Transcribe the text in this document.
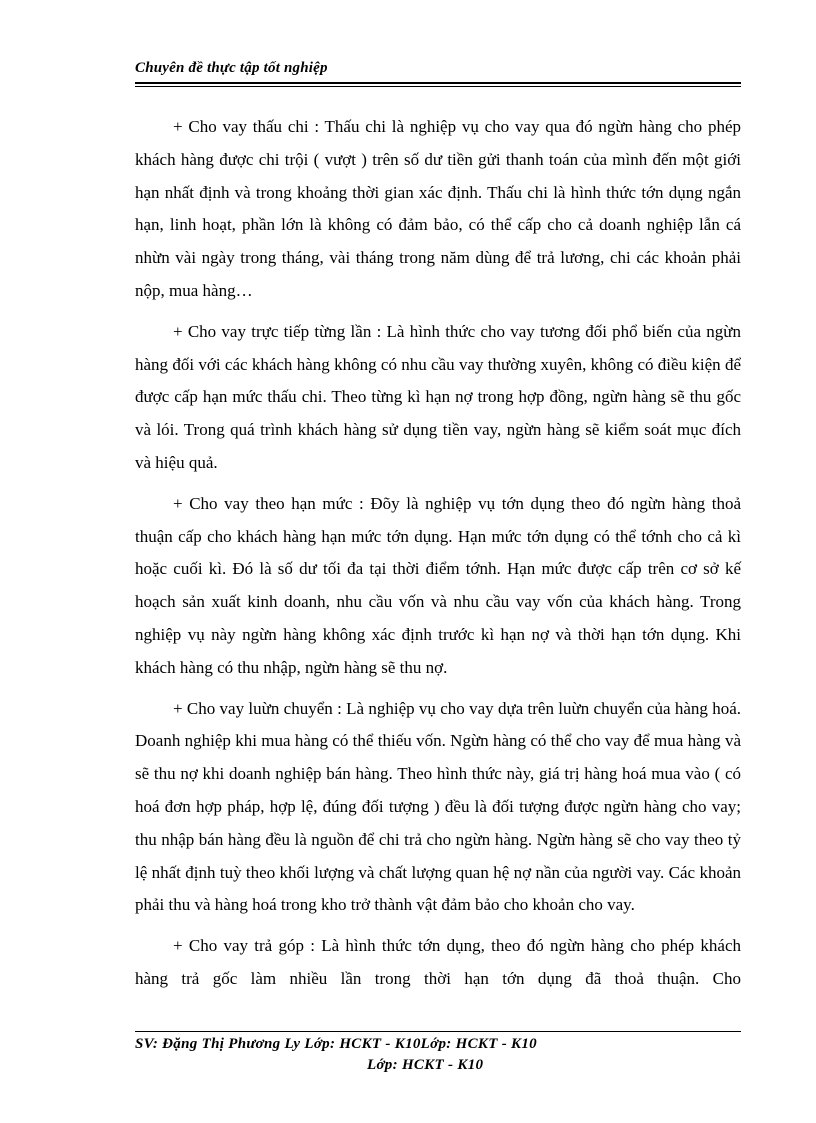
Chuyên đề thực tập tốt nghiệp

+ Cho vay thấu chi : Thấu chi là nghiệp vụ cho vay qua đó ngừn hàng cho phép khách hàng được chi trội ( vượt ) trên số dư tiền gửi thanh toán của mình đến một giới hạn nhất định và trong khoảng thời gian xác định. Thấu chi là hình thức tớn dụng ngắn hạn, linh hoạt, phần lớn là không có đảm bảo, có thể cấp cho cả doanh nghiệp lẫn cá nhừn vài ngày trong tháng, vài tháng trong năm dùng để trả lương, chi các khoản phải nộp, mua hàng…

+ Cho vay trực tiếp từng lần : Là hình thức cho vay tương đối phổ biến của ngừn hàng đối với các khách hàng không có nhu cầu vay thường xuyên, không có điều kiện để được cấp hạn mức thấu chi. Theo từng kì hạn nợ trong hợp đồng, ngừn hàng sẽ thu gốc và lói. Trong quá trình khách hàng sử dụng tiền vay, ngừn hàng sẽ kiểm soát mục đích và hiệu quả.

+ Cho vay theo hạn mức : Đõy là nghiệp vụ tớn dụng theo đó ngừn hàng thoả thuận cấp cho khách hàng hạn mức tớn dụng. Hạn mức tớn dụng có thể tớnh cho cả kì hoặc cuối kì. Đó là số dư tối đa tại thời điểm tớnh. Hạn mức được cấp trên cơ sở kế hoạch sản xuất kinh doanh, nhu cầu vốn và nhu cầu vay vốn của khách hàng. Trong nghiệp vụ này ngừn hàng không xác định trước kì hạn nợ và thời hạn tớn dụng. Khi khách hàng có thu nhập, ngừn hàng sẽ thu nợ.

+ Cho vay luừn chuyển : Là nghiệp vụ cho vay dựa trên luừn chuyển của hàng hoá. Doanh nghiệp khi mua hàng có thể thiếu vốn. Ngừn hàng có thể cho vay để mua hàng và sẽ thu nợ khi doanh nghiệp bán hàng. Theo hình thức này, giá trị hàng hoá mua vào ( có hoá đơn hợp pháp, hợp lệ, đúng đối tượng ) đều là đối tượng được ngừn hàng cho vay; thu nhập bán hàng đều là nguồn để chi trả cho ngừn hàng. Ngừn hàng sẽ cho vay theo tỷ lệ nhất định tuỳ theo khối lượng và chất lượng quan hệ nợ nần của người vay. Các khoản phải thu và hàng hoá trong kho trở thành vật đảm bảo cho khoản cho vay.

+ Cho vay trả góp : Là hình thức tớn dụng, theo đó ngừn hàng cho phép khách hàng trả gốc làm nhiều lần trong thời hạn tớn dụng đã thoả thuận. Cho

SV: Đặng Thị Phương Ly Lớp: HCKT - K10Lớp: HCKT - K10
Lớp: HCKT - K10
